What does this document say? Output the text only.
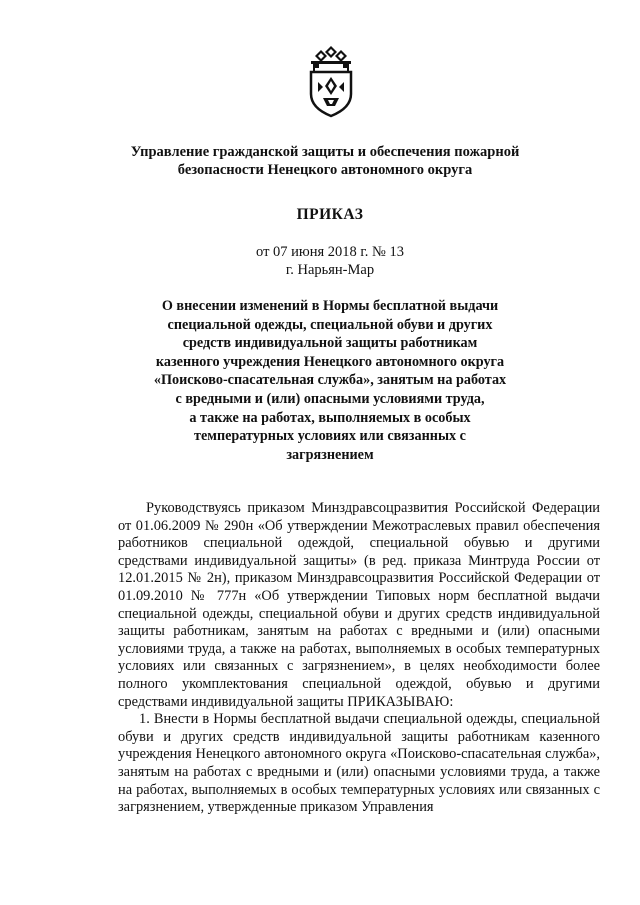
Управление гражданской защиты и обеспечения пожарной
безопасности Ненецкого автономного округа
ПРИКАЗ
от 07 июня 2018 г. № 13
г. Нарьян-Мар
О внесении изменений в Нормы бесплатной выдачи
специальной одежды, специальной обуви и других
средств индивидуальной защиты работникам
казенного учреждения Ненецкого автономного округа
«Поисково-спасательная служба», занятым на работах
с вредными и (или) опасными условиями труда,
а также на работах, выполняемых в особых
температурных условиях или связанных с
загрязнением

Руководствуясь приказом Минздравсоцразвития Российской Федерации от 01.06.2009 № 290н «Об утверждении Межотраслевых правил обеспечения работников специальной одеждой, специальной обувью и другими средствами индивидуальной защиты» (в ред. приказа Минтруда России от 12.01.2015 № 2н), приказом Минздравсоцразвития Российской Федерации от 01.09.2010 № 777н «Об утверждении Типовых норм бесплатной выдачи специальной одежды, специальной обуви и других средств индивидуальной защиты работникам, занятым на работах с вредными и (или) опасными условиями труда, а также на работах, выполняемых в особых температурных условиях или связанных с загрязнением», в целях необходимости более полного укомплектования специальной одеждой, обувью и другими средствами индивидуальной защиты ПРИКАЗЫВАЮ:

1. Внести в Нормы бесплатной выдачи специальной одежды, специальной обуви и других средств индивидуальной защиты работникам казенного учреждения Ненецкого автономного округа «Поисково-спасательная служба», занятым на работах с вредными и (или) опасными условиями труда, а также на работах, выполняемых в особых температурных условиях или связанных с загрязнением, утвержденные приказом Управления
